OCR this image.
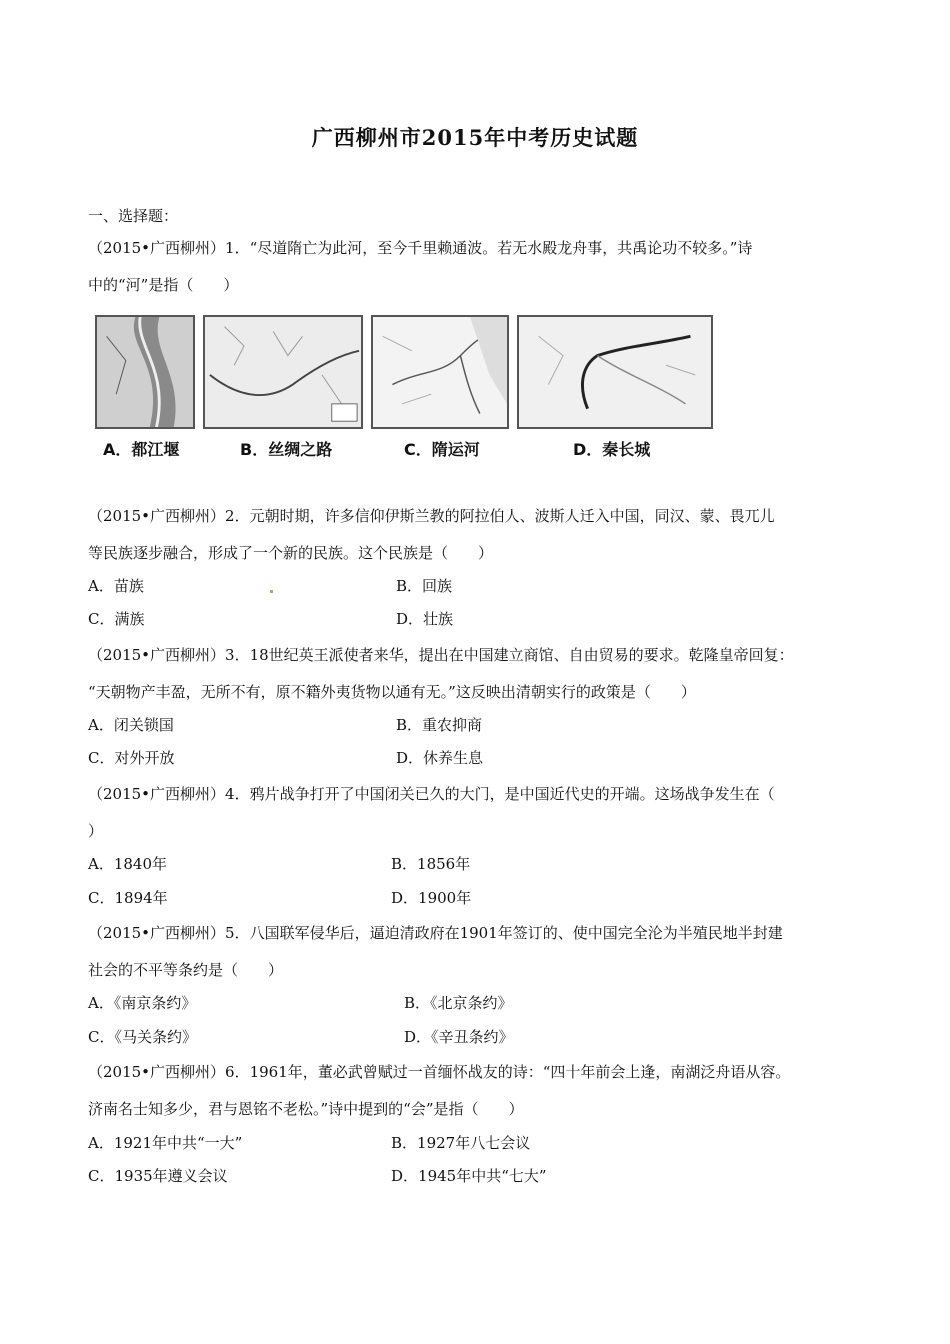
广西柳州市2015年中考历史试题
一、选择题：
（2015•广西柳州）1．“尽道隋亡为此河，至今千里赖通波。若无水殿龙舟事，共禹论功不较多。”诗
中的“河”是指（　　）
A．都江堰	B．丝绸之路	C．隋运河	D．秦长城
（2015•广西柳州）2．元朝时期，许多信仰伊斯兰教的阿拉伯人、波斯人迁入中国，同汉、蒙、畏兀儿
等民族逐步融合，形成了一个新的民族。这个民族是（　　）
A．苗族	B．回族
C．满族	D．壮族
（2015•广西柳州）3．18世纪英王派使者来华，提出在中国建立商馆、自由贸易的要求。乾隆皇帝回复：
“天朝物产丰盈，无所不有，原不籍外夷货物以通有无。”这反映出清朝实行的政策是（　　）
A．闭关锁国	B．重农抑商
C．对外开放	D．休养生息
（2015•广西柳州）4．鸦片战争打开了中国闭关已久的大门，是中国近代史的开端。这场战争发生在（
）
A．1840年	B．1856年
C．1894年	D．1900年
（2015•广西柳州）5．八国联军侵华后，逼迫清政府在1901年签订的、使中国完全沦为半殖民地半封建
社会的不平等条约是（　　）
A．《南京条约》	B．《北京条约》
C．《马关条约》	D．《辛丑条约》
（2015•广西柳州）6．1961年，董必武曾赋过一首缅怀战友的诗：“四十年前会上逢，南湖泛舟语从容。
济南名士知多少，君与恩铭不老松。”诗中提到的“会”是指（　　）
A．1921年中共“一大”	B．1927年八七会议
C．1935年遵义会议	D．1945年中共“七大”
